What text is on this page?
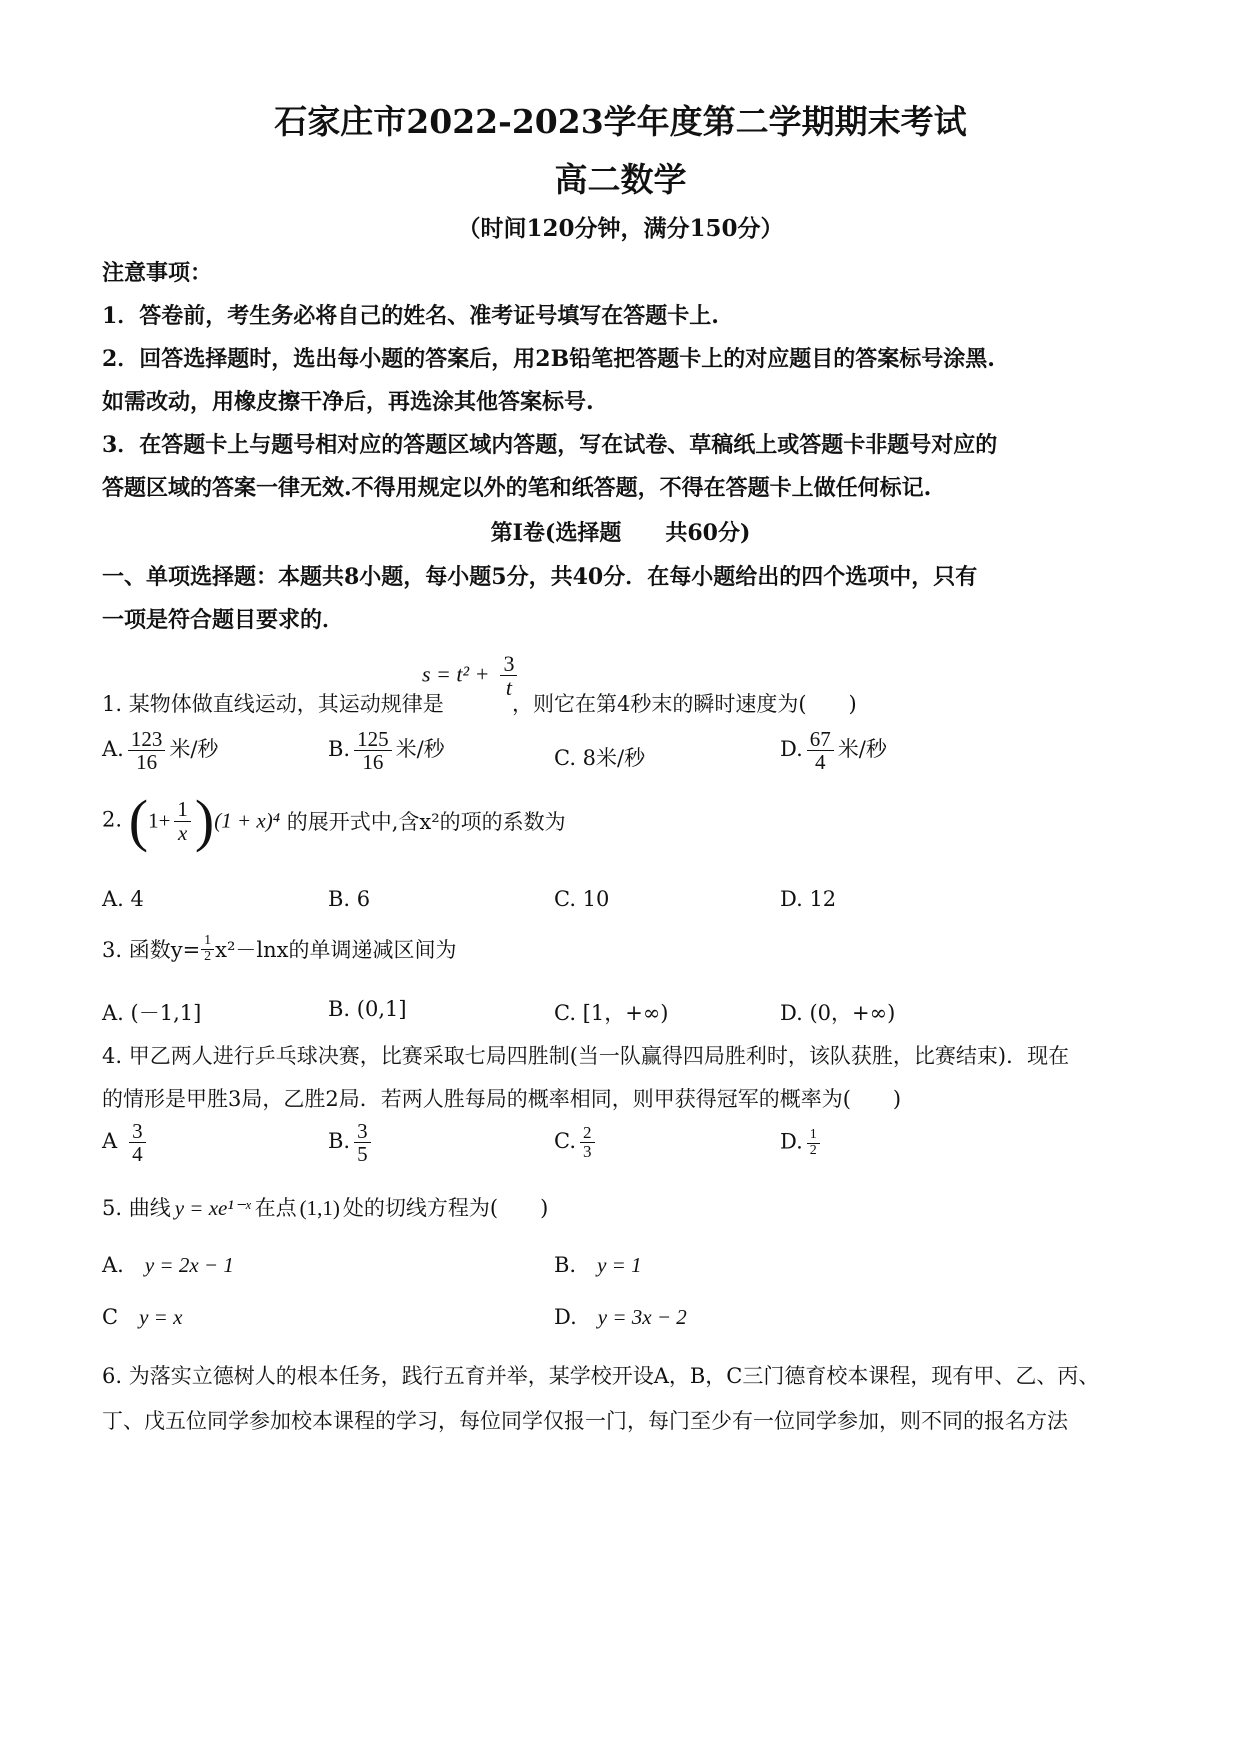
石家庄市2022-2023学年度第二学期期末考试
高二数学
（时间120分钟，满分150分）
注意事项：
1．答卷前，考生务必将自己的姓名、准考证号填写在答题卡上.
2．回答选择题时，选出每小题的答案后，用2B铅笔把答题卡上的对应题目的答案标号涂黑.
如需改动，用橡皮擦干净后，再选涂其他答案标号.
3．在答题卡上与题号相对应的答题区域内答题，写在试卷、草稿纸上或答题卡非题号对应的
答题区域的答案一律无效.不得用规定以外的笔和纸答题，不得在答题卡上做任何标记.
第I卷(选择题　　共60分)
一、单项选择题：本题共8小题，每小题5分，共40分．在每小题给出的四个选项中，只有
一项是符合题目要求的．
1. 某物体做直线运动，其运动规律是
$s = t^2 + \frac{3}{t}$
，则它在第4秒末的瞬时速度为(　　)
A. $\frac{123}{16}$ 米/秒	B. $\frac{125}{16}$ 米/秒	C. 8米/秒	D. $\frac{67}{4}$ 米/秒
2. $(1+ \frac{1}{x} )(1 + x)^4$ 的展开式中,含x²的项的系数为
A. 4	B. 6	C. 10	D. 12
3. 函数$y= \frac{1}{2} x^2-\ln x$的单调递减区间为
A. (－1,1]	B. (0,1]	C. [1，+∞)	D. (0，+∞)
4. 甲乙两人进行乒乓球决赛，比赛采取七局四胜制(当一队赢得四局胜利时，该队获胜，比赛结束)．现在
的情形是甲胜3局，乙胜2局．若两人胜每局的概率相同，则甲获得冠军的概率为(　　)
A $\frac{3}{4}$	B. $\frac{3}{5}$	C. $\frac{2}{3}$	D. $\frac{1}{2}$
5. 曲线 y = xe¹⁻ˣ 在点 (1,1) 处的切线方程为(　　)
A.　 y = 2x − 1	B.　 y = 1
C　 y = x	D.　 y = 3x − 2
6. 为落实立德树人的根本任务，践行五育并举，某学校开设A，B，C三门德育校本课程，现有甲、乙、丙、
丁、戊五位同学参加校本课程的学习，每位同学仅报一门，每门至少有一位同学参加，则不同的报名方法
